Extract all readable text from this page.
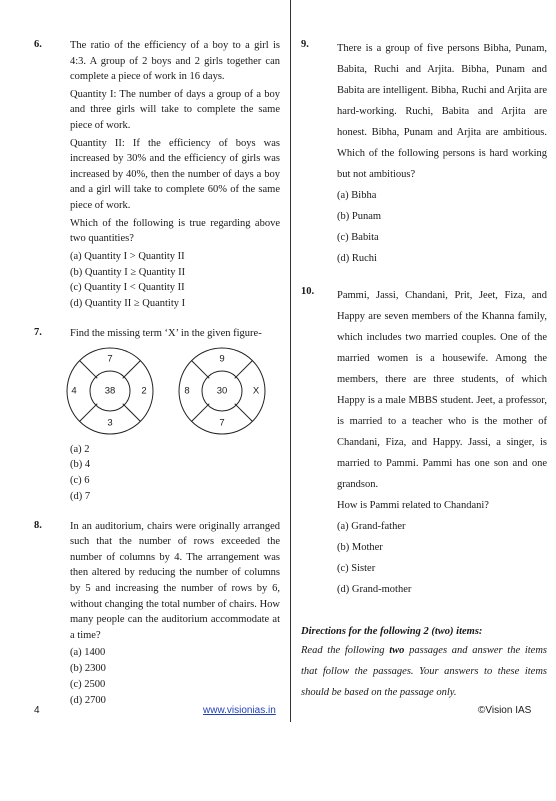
6.	The ratio of the efficiency of a boy to a girl is 4:3. A group of 2 boys and 2 girls together can complete a piece of work in 16 days.

Quantity I: The number of days a group of a boy and three girls will take to complete the same piece of work.

Quantity II: If the efficiency of boys was increased by 30% and the efficiency of girls was increased by 40%, then the number of days a boy and a girl will take to complete 60% of the same piece of work.

Which of the following is true regarding above two quantities?

(a) Quantity I > Quantity II
(b) Quantity I ≥ Quantity II
(c) Quantity I < Quantity II
(d) Quantity II ≥ Quantity I
7.	Find the missing term ‘X’ in the given figure-

7
4	38	2
3
9
8	30	X
7
(a) 2
(b) 4
(c) 6
(d) 7
8.	In an auditorium, chairs were originally arranged such that the number of rows exceeded the number of columns by 4. The arrangement was then altered by reducing the number of columns by 5 and increasing the number of rows by 6, without changing the total number of chairs. How many people can the auditorium accommodate at a time?

(a) 1400
(b) 2300
(c) 2500
(d) 2700
9.	There is a group of five persons Bibha, Punam, Babita, Ruchi and Arjita. Bibha, Punam and Babita are intelligent. Bibha, Ruchi and Arjita are hard-working. Ruchi, Babita and Arjita are honest. Bibha, Punam and Arjita are ambitious. Which of the following persons is hard working but not ambitious?

(a) Bibha
(b) Punam
(c) Babita
(d) Ruchi
10. Pammi, Jassi, Chandani, Prit, Jeet, Fiza, and Happy are seven members of the Khanna family, which includes two married couples. One of the married women is a housewife. Among the members, there are three students, of which Happy is a male MBBS student. Jeet, a professor, is married to a teacher who is the mother of Chandani, Fiza, and Happy. Jassi, a singer, is married to Pammi. Pammi has one son and one grandson.

How is Pammi related to Chandani?

(a) Grand-father
(b) Mother
(c) Sister
(d) Grand-mother
Directions for the following 2 (two) items:
Read the following two passages and answer the items that follow the passages. Your answers to these items should be based on the passage only.
4	www.visionias.in	©Vision IAS
